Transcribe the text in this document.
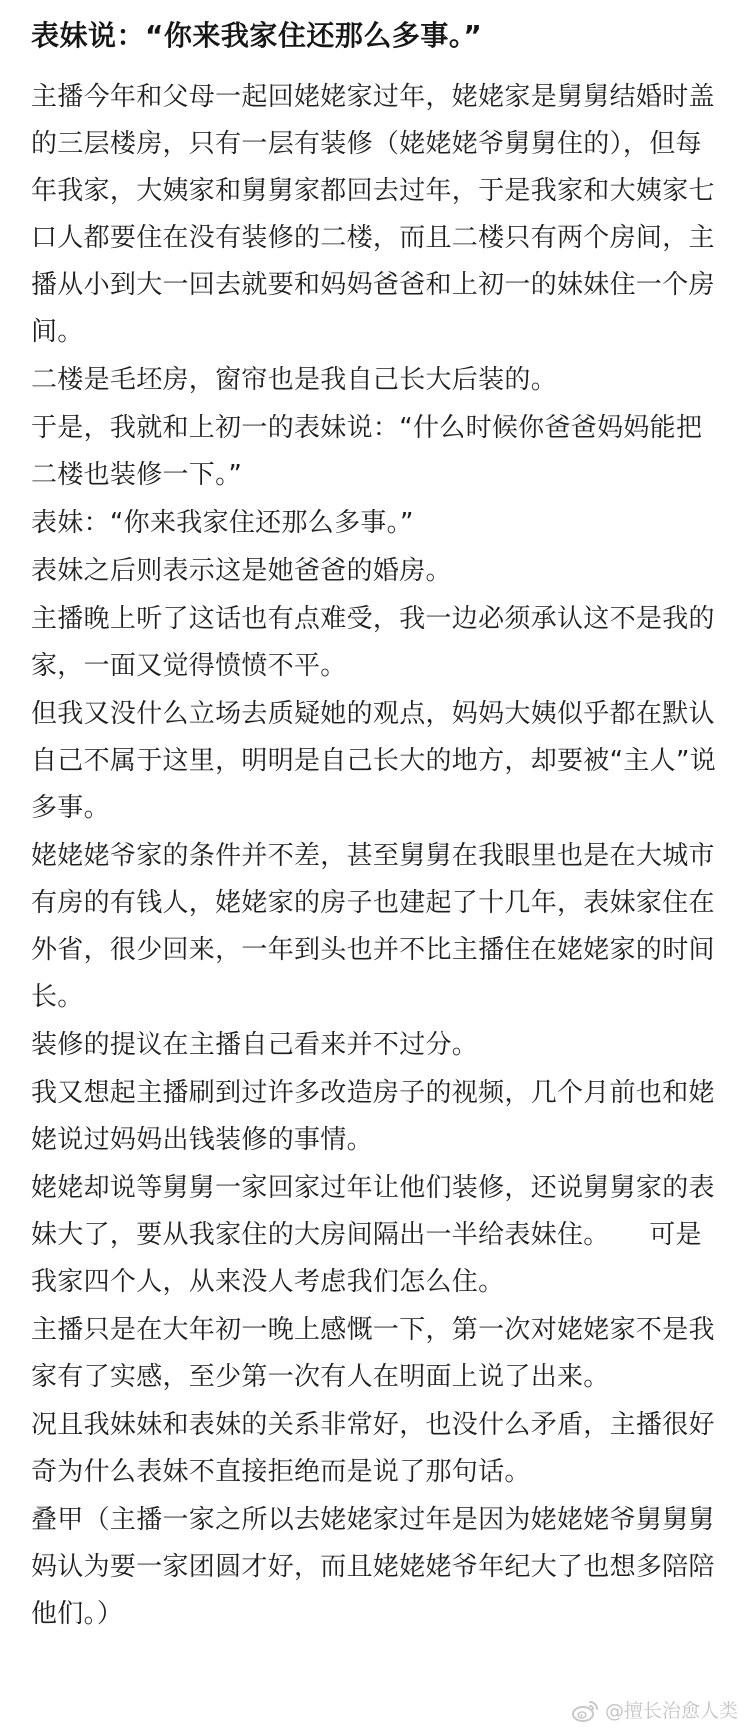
表妹说：“你来我家住还那么多事。”
主播今年和父母一起回姥姥家过年，姥姥家是舅舅结婚时盖的三层楼房，只有一层有装修（姥姥姥爷舅舅住的），但每年我家，大姨家和舅舅家都回去过年，于是我家和大姨家七口人都要住在没有装修的二楼，而且二楼只有两个房间，主播从小到大一回去就要和妈妈爸爸和上初一的妹妹住一个房间。
二楼是毛坯房，窗帘也是我自己长大后装的。
于是，我就和上初一的表妹说：“什么时候你爸爸妈妈能把二楼也装修一下。”
表妹：“你来我家住还那么多事。”
表妹之后则表示这是她爸爸的婚房。
主播晚上听了这话也有点难受，我一边必须承认这不是我的家，一面又觉得愤愤不平。
但我又没什么立场去质疑她的观点，妈妈大姨似乎都在默认自己不属于这里，明明是自己长大的地方，却要被“主人”说多事。
姥姥姥爷家的条件并不差，甚至舅舅在我眼里也是在大城市有房的有钱人，姥姥家的房子也建起了十几年，表妹家住在外省，很少回来，一年到头也并不比主播住在姥姥家的时间长。
装修的提议在主播自己看来并不过分。
我又想起主播刷到过许多改造房子的视频，几个月前也和姥姥说过妈妈出钱装修的事情。
姥姥却说等舅舅一家回家过年让他们装修，还说舅舅家的表妹大了，要从我家住的大房间隔出一半给表妹住。　　可是我家四个人，从来没人考虑我们怎么住。
主播只是在大年初一晚上感慨一下，第一次对姥姥家不是我家有了实感，至少第一次有人在明面上说了出来。
况且我妹妹和表妹的关系非常好，也没什么矛盾，主播很好奇为什么表妹不直接拒绝而是说了那句话。
叠甲（主播一家之所以去姥姥家过年是因为姥姥姥爷舅舅舅妈认为要一家团圆才好，而且姥姥姥爷年纪大了也想多陪陪他们。）
@擅长治愈人类
